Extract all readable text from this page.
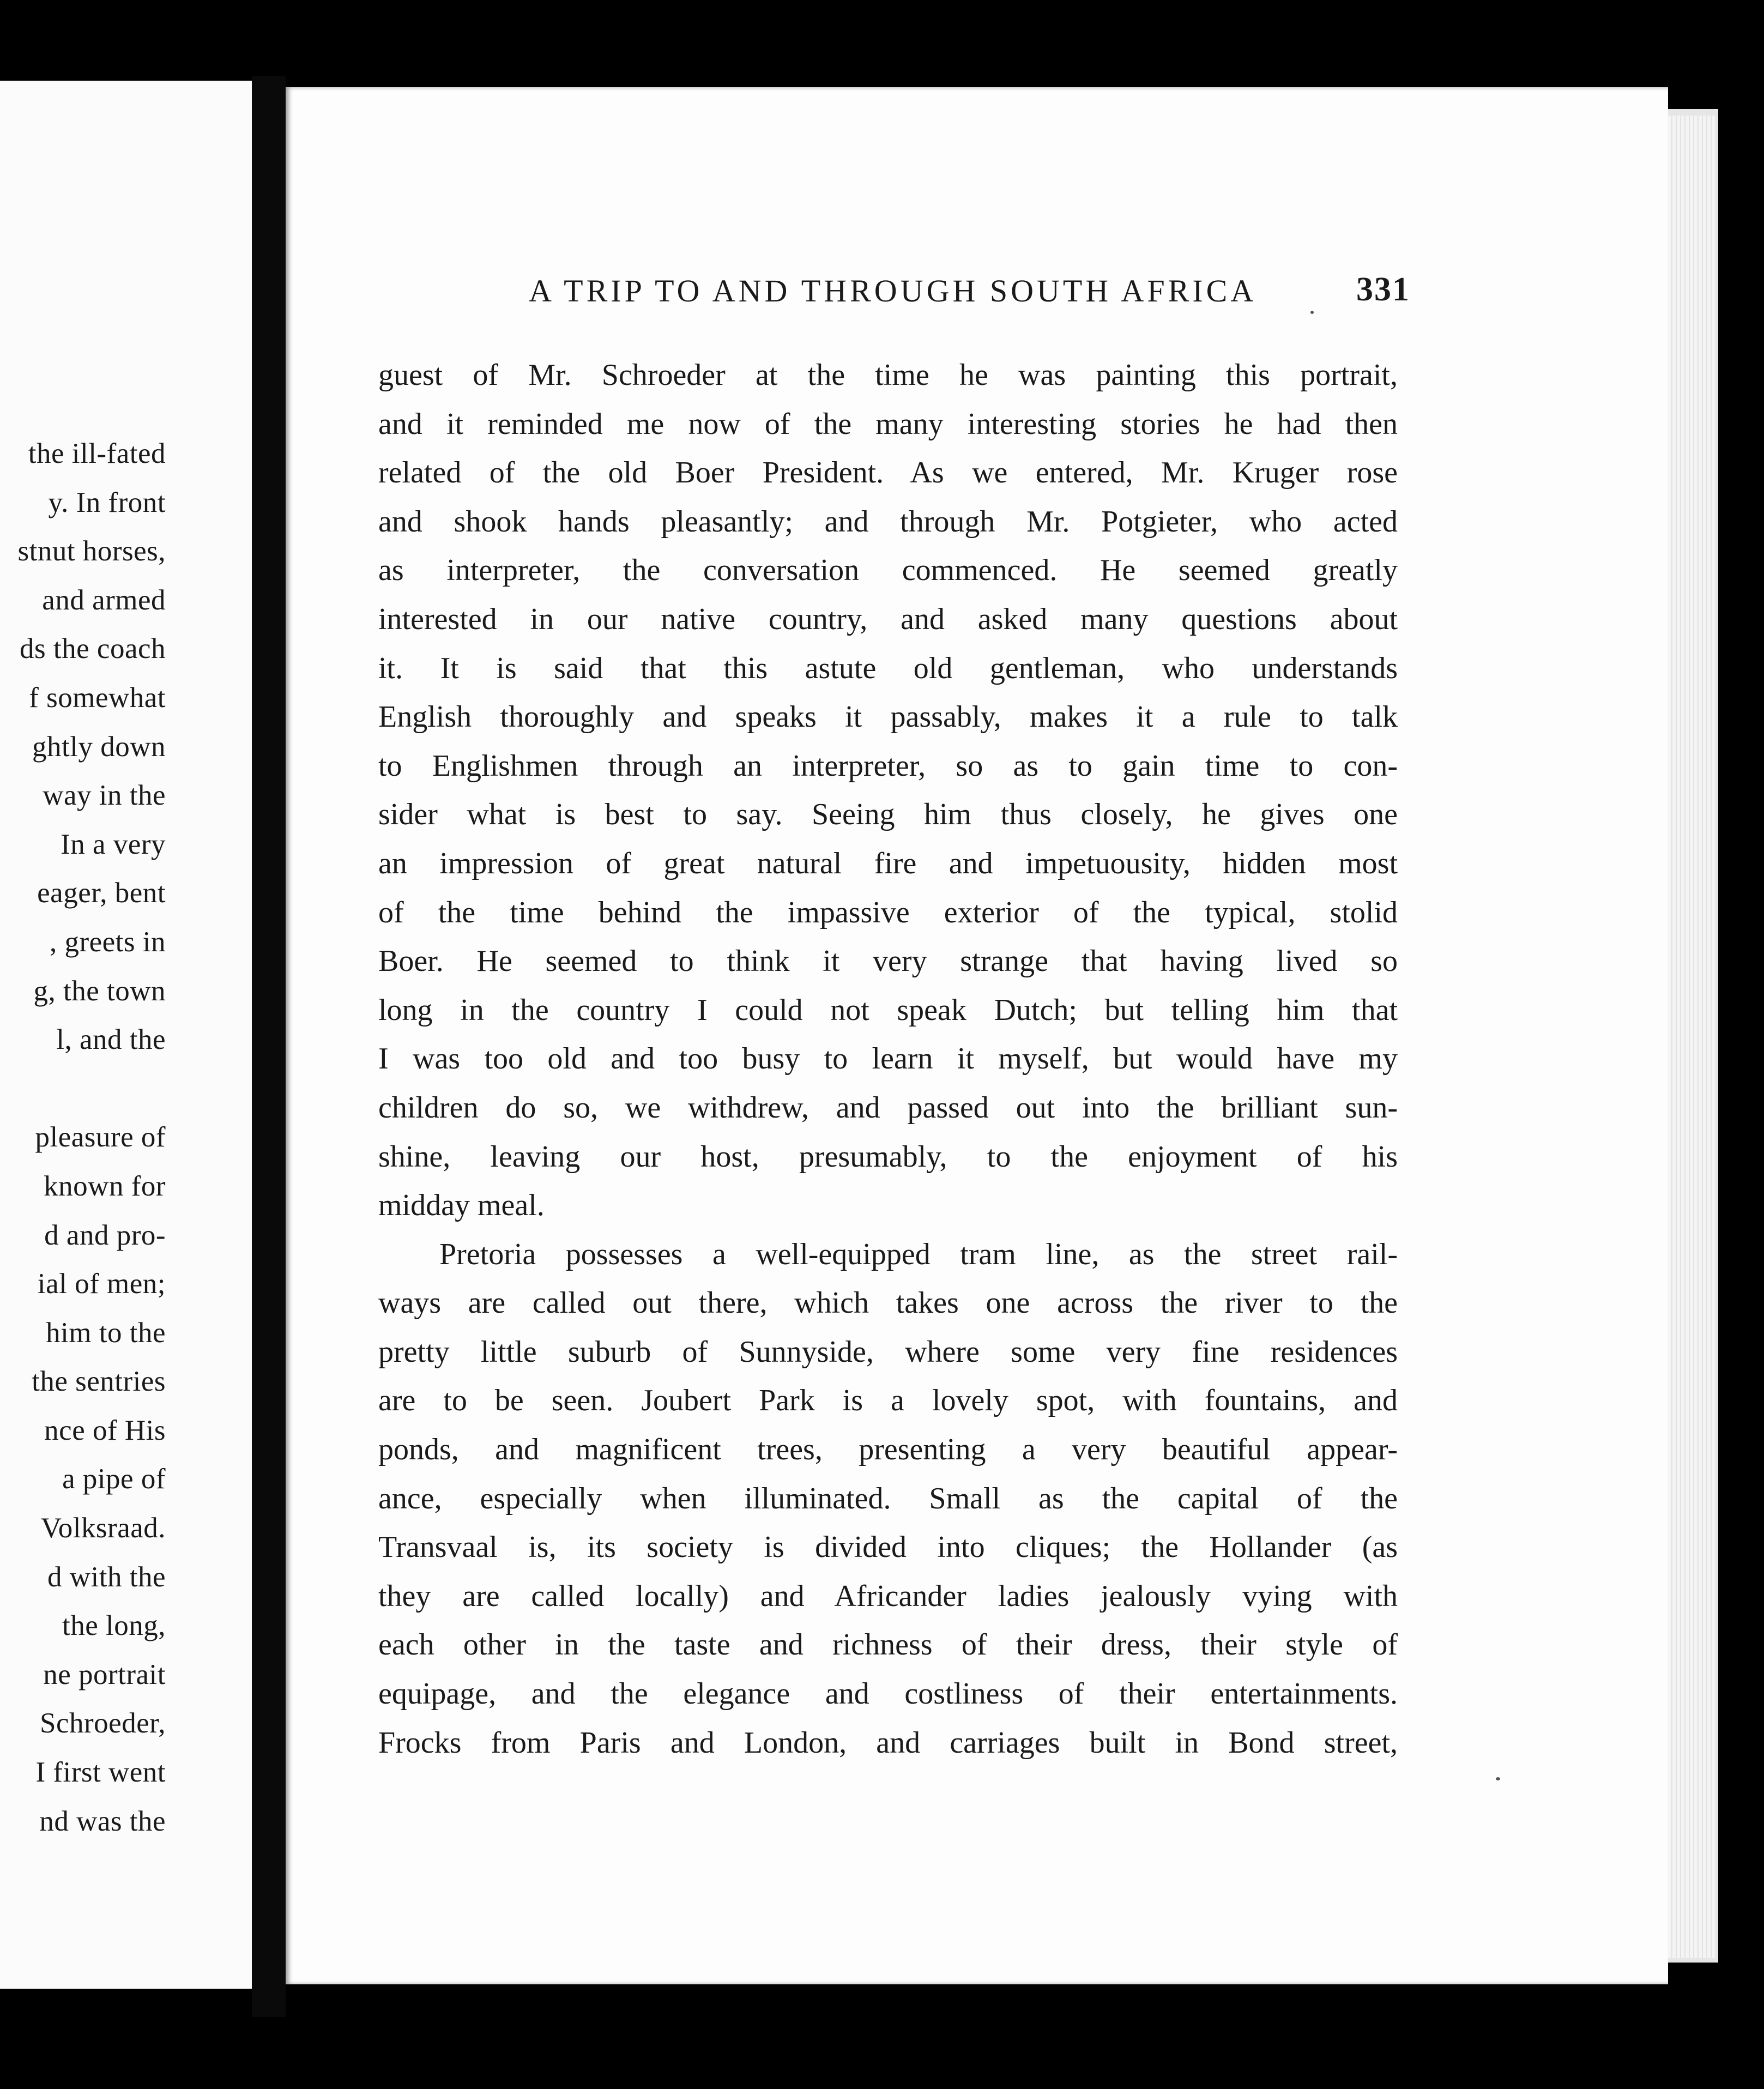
the ill-fated
y. In front
stnut horses,
and armed
ds the coach
f somewhat
ghtly down
way in the
In a very
eager, bent
, greets in
g, the town
l, and the
pleasure of
known for
d and pro-
ial of men;
him to the
the sentries
nce of His
a pipe of
Volksraad.
d with the
the long,
ne portrait
Schroeder,
I first went
nd was the
A TRIP TO AND THROUGH SOUTH AFRICA	331
guest of Mr. Schroeder at the time he was painting this portrait,
and it reminded me now of the many interesting stories he had then
related of the old Boer President. As we entered, Mr. Kruger rose
and shook hands pleasantly; and through Mr. Potgieter, who acted
as interpreter, the conversation commenced. He seemed greatly
interested in our native country, and asked many questions about
it. It is said that this astute old gentleman, who understands
English thoroughly and speaks it passably, makes it a rule to talk
to Englishmen through an interpreter, so as to gain time to con-
sider what is best to say. Seeing him thus closely, he gives one
an impression of great natural fire and impetuousity, hidden most
of the time behind the impassive exterior of the typical, stolid
Boer. He seemed to think it very strange that having lived so
long in the country I could not speak Dutch; but telling him that
I was too old and too busy to learn it myself, but would have my
children do so, we withdrew, and passed out into the brilliant sun-
shine, leaving our host, presumably, to the enjoyment of his
midday meal.
Pretoria possesses a well-equipped tram line, as the street rail-
ways are called out there, which takes one across the river to the
pretty little suburb of Sunnyside, where some very fine residences
are to be seen. Joubert Park is a lovely spot, with fountains, and
ponds, and magnificent trees, presenting a very beautiful appear-
ance, especially when illuminated. Small as the capital of the
Transvaal is, its society is divided into cliques; the Hollander (as
they are called locally) and Africander ladies jealously vying with
each other in the taste and richness of their dress, their style of
equipage, and the elegance and costliness of their entertainments.
Frocks from Paris and London, and carriages built in Bond street,
